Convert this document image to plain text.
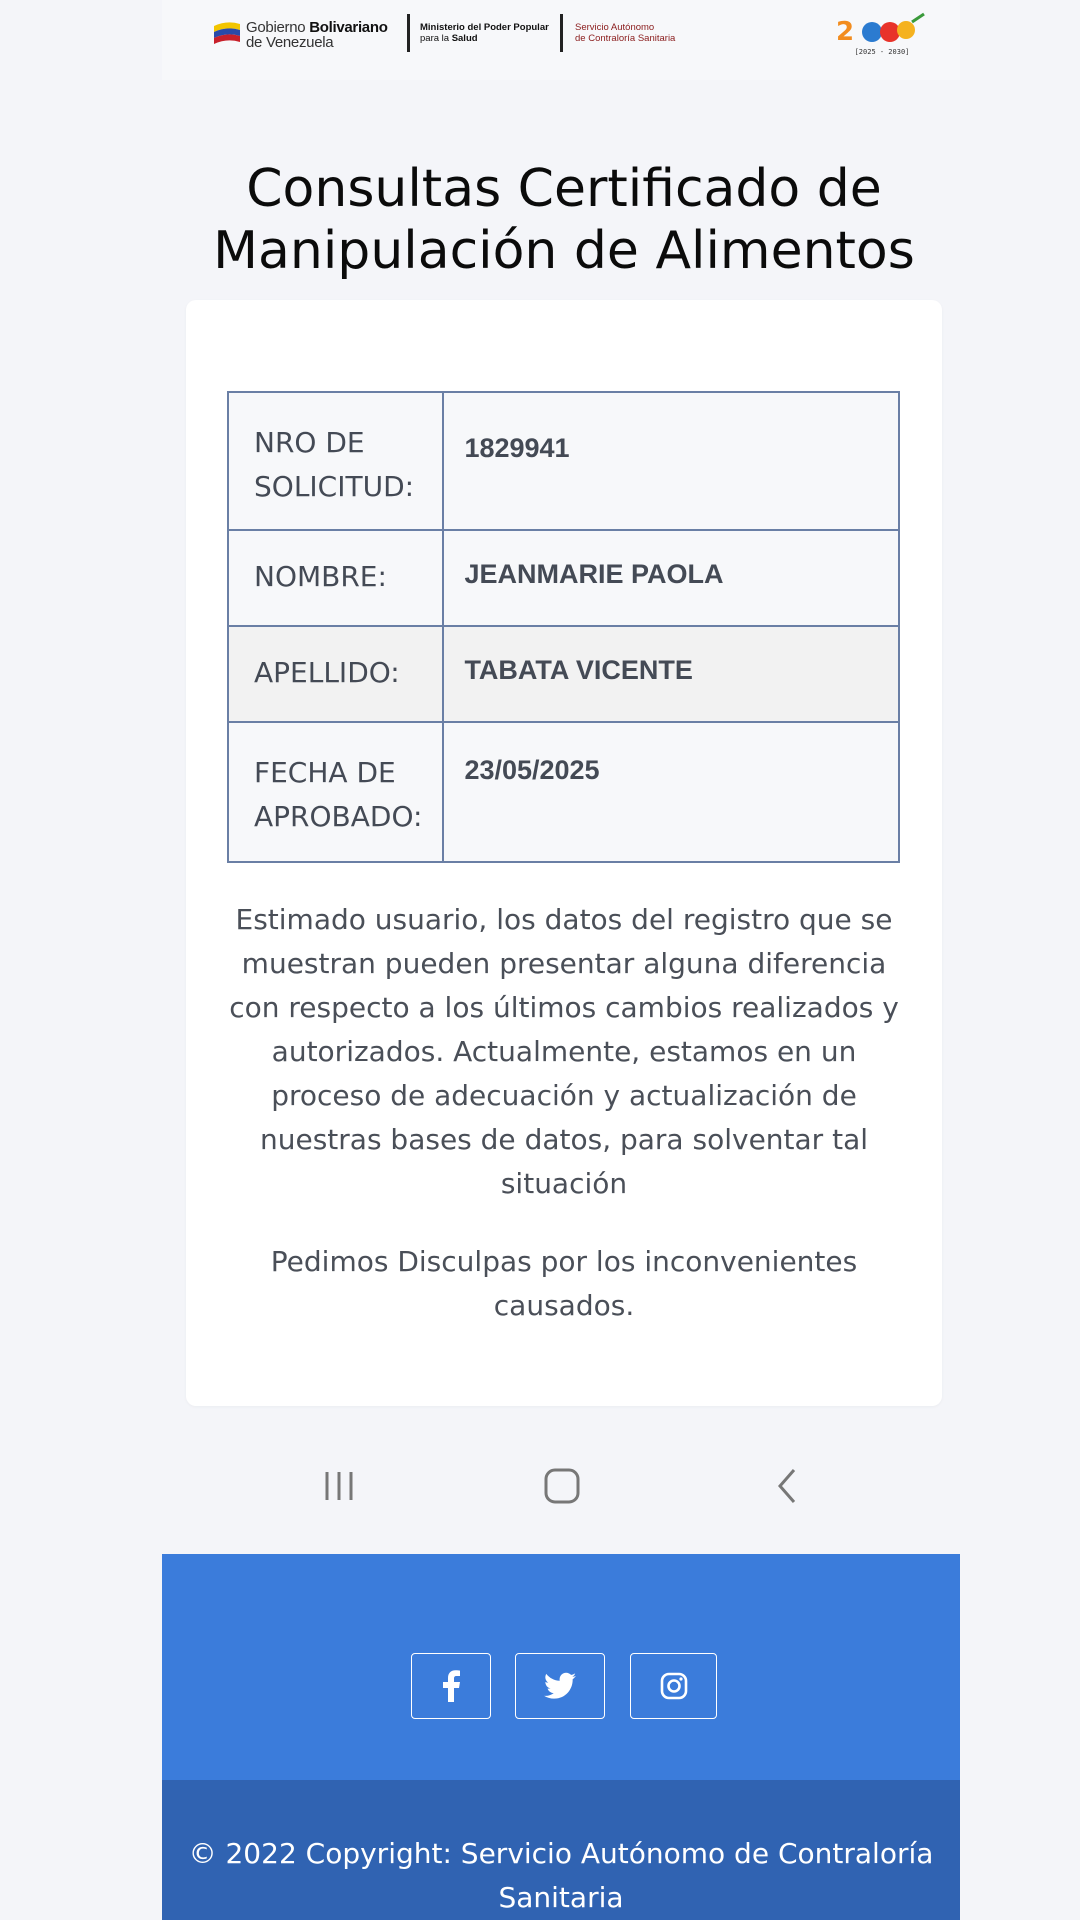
Gobierno Bolivariano
de Venezuela
Ministerio del Poder Popular
para la Salud
Servicio Autónomo
de Contraloría Sanitaria	2
[2025 - 2030]
Consultas Certificado de Manipulación de Alimentos
NRO DE SOLICITUD:	1829941
NOMBRE:	JEANMARIE PAOLA
APELLIDO:	TABATA VICENTE
FECHA DE APROBADO:	23/05/2025

Estimado usuario, los datos del registro que se muestran pueden presentar alguna diferencia con respecto a los últimos cambios realizados y autorizados. Actualmente, estamos en un proceso de adecuación y actualización de nuestras bases de datos, para solventar tal situación

Pedimos Disculpas por los inconvenientes causados.

© 2022 Copyright: Servicio Autónomo de Contraloría Sanitaria
